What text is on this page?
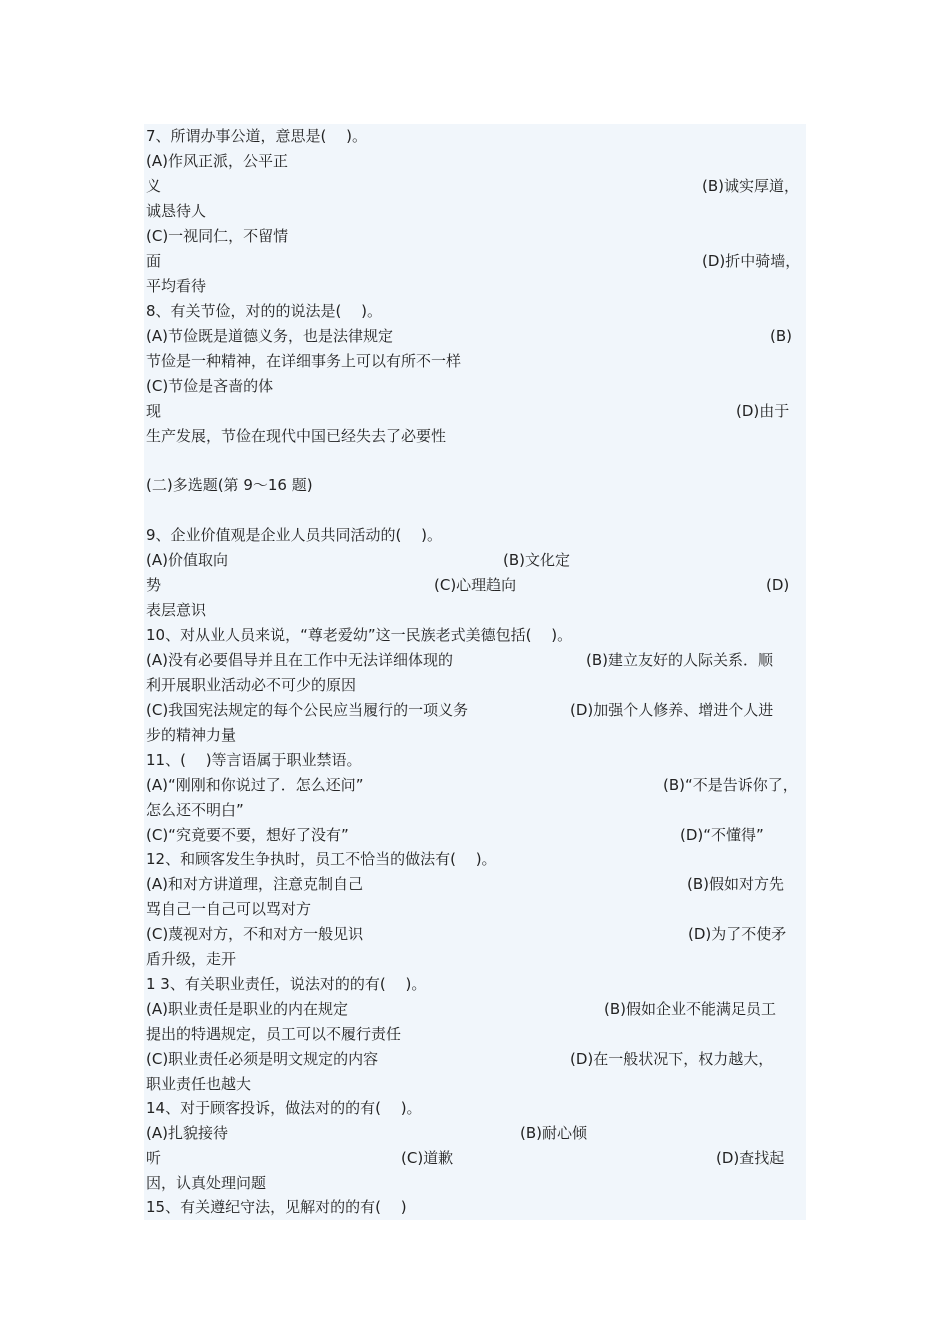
7、所谓办事公道，意思是(　 )。
(A)作风正派，公平正
义	(B)诚实厚道，
诚恳待人
(C)一视同仁，不留情
面	(D)折中骑墙，
平均看待
8、有关节俭，对的的说法是(　 )。
(A)节俭既是道德义务，也是法律规定	(B)
节俭是一种精神，在详细事务上可以有所不一样
(C)节俭是吝啬的体
现	(D)由于
生产发展，节俭在现代中国已经失去了必要性
(二)多选题(第 9～16 题)
9、企业价值观是企业人员共同活动的(　 )。
(A)价值取向	(B)文化定
势	(C)心理趋向	(D)
表层意识
10、对从业人员来说，“尊老爱幼”这一民族老式美德包括(　 )。
(A)没有必要倡导并且在工作中无法详细体现的	(B)建立友好的人际关系．顺
利开展职业活动必不可少的原因
(C)我国宪法规定的每个公民应当履行的一项义务	(D)加强个人修养、增进个人进
步的精神力量
11、(　 )等言语属于职业禁语。
(A)“刚刚和你说过了．怎么还问”	(B)“不是告诉你了，
怎么还不明白”
(C)“究竟要不要，想好了没有”	(D)“不懂得”
12、和顾客发生争执时，员工不恰当的做法有(　 )。
(A)和对方讲道理，注意克制自己	(B)假如对方先
骂自己一自己可以骂对方
(C)蔑视对方，不和对方一般见识	(D)为了不使矛
盾升级，走开
1 3、有关职业责任，说法对的的有(　 )。
(A)职业责任是职业的内在规定	(B)假如企业不能满足员工
提出的特遇规定，员工可以不履行责任
(C)职业责任必须是明文规定的内容	(D)在一般状况下，权力越大，
职业责任也越大
14、对于顾客投诉，做法对的的有(　 )。
(A)扎貌接待	(B)耐心倾
听	(C)道歉	(D)查找起
因，认真处理问题
15、有关遵纪守法，见解对的的有(　 )
